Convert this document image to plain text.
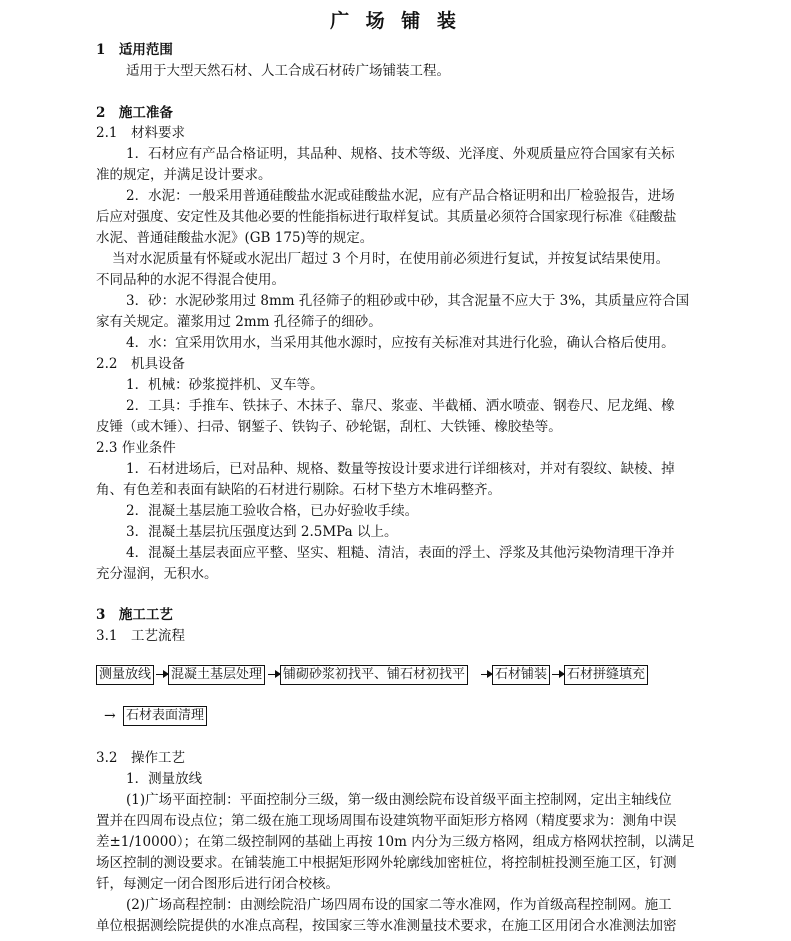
广 场 铺 装
1　适用范围
适用于大型天然石材、人工合成石材砖广场铺装工程。
2　施工准备
2.1　材料要求
1．石材应有产品合格证明，其品种、规格、技术等级、光泽度、外观质量应符合国家有关标
准的规定，并满足设计要求。
2．水泥：一般采用普通硅酸盐水泥或硅酸盐水泥，应有产品合格证明和出厂检验报告，进场
后应对强度、安定性及其他必要的性能指标进行取样复试。其质量必须符合国家现行标准《硅酸盐
水泥、普通硅酸盐水泥》(GB 175)等的规定。
当对水泥质量有怀疑或水泥出厂超过 3 个月时，在使用前必须进行复试，并按复试结果使用。
不同品种的水泥不得混合使用。
3．砂：水泥砂浆用过 8mm 孔径筛子的粗砂或中砂，其含泥量不应大于 3%，其质量应符合国
家有关规定。灌浆用过 2mm 孔径筛子的细砂。
4．水：宜采用饮用水，当采用其他水源时，应按有关标准对其进行化验，确认合格后使用。
2.2　机具设备
1．机械：砂浆搅拌机、叉车等。
2．工具：手推车、铁抹子、木抹子、靠尺、浆壶、半截桶、洒水喷壶、钢卷尺、尼龙绳、橡
皮锤（或木锤）、扫帚、钢錾子、铁钩子、砂轮锯，刮杠、大铁锤、橡胶垫等。
2.3 作业条件
1．石材进场后，已对品种、规格、数量等按设计要求进行详细核对，并对有裂纹、缺棱、掉
角、有色差和表面有缺陷的石材进行剔除。石材下垫方木堆码整齐。
2．混凝土基层施工验收合格，已办好验收手续。
3．混凝土基层抗压强度达到 2.5MPa 以上。
4．混凝土基层表面应平整、坚实、粗糙、清洁，表面的浮土、浮浆及其他污染物清理干净并
充分湿润，无积水。
3　施工工艺
3.1　工艺流程
测量放线 混凝土基层处理 铺砌砂浆初找平、铺石材初找平 石材铺装 石材拼缝填充
→ 石材表面清理
3.2　操作工艺
1．测量放线
(1)广场平面控制：平面控制分三级，第一级由测绘院布设首级平面主控制网，定出主轴线位
置并在四周布设点位；第二级在施工现场周围布设建筑物平面矩形方格网（精度要求为：测角中误
差±1/10000）；在第二级控制网的基础上再按 10m 内分为三级方格网，组成方格网状控制，以满足
场区控制的测设要求。在铺装施工中根据矩形网外轮廓线加密桩位，将控制桩投测至施工区，钉测
钎，每测定一闭合图形后进行闭合校核。
(2)广场高程控制：由测绘院沿广场四周布设的国家二等水准网，作为首级高程控制网。施工
单位根据测绘院提供的水准点高程，按国家三等水准测量技术要求，在施工区用闭合水准测法加密
